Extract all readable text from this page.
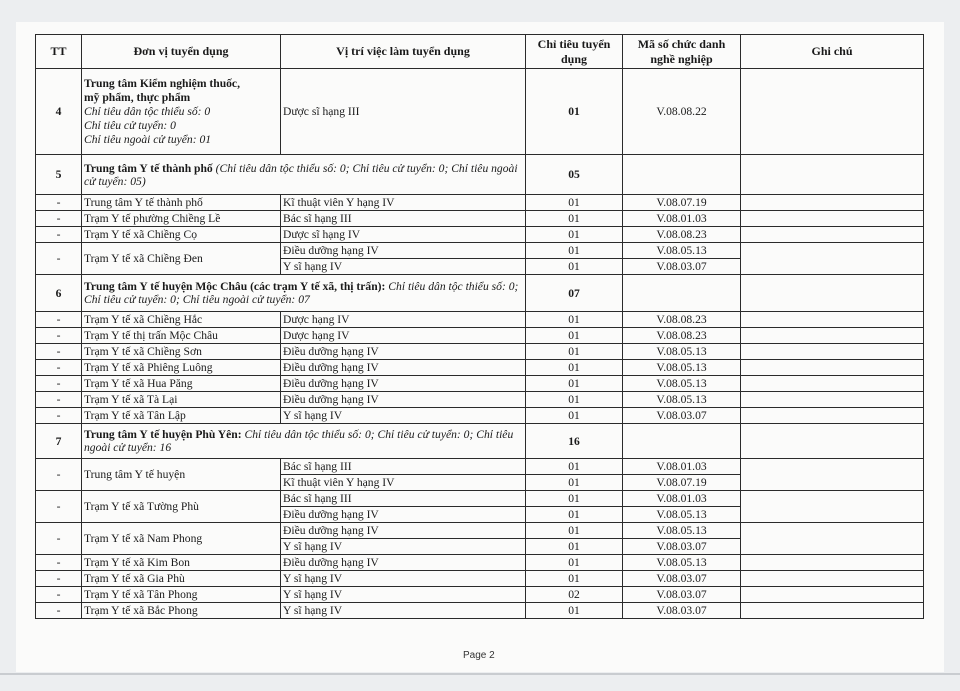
TT	Đơn vị tuyển dụng	Vị trí việc làm tuyển dụng	Chỉ tiêu tuyển dụng	Mã số chức danh nghề nghiệp	Ghi chú
4	Trung tâm Kiểm nghiệm thuốc,
mỹ phẩm, thực phẩm
Chỉ tiêu dân tộc thiểu số: 0
Chỉ tiêu cử tuyển: 0
Chỉ tiêu ngoài cử tuyển: 01	Dược sĩ hạng III	01	V.08.08.22	
5	Trung tâm Y tế thành phố (Chỉ tiêu dân tộc thiểu số: 0; Chỉ tiêu cử tuyển: 0; Chỉ tiêu ngoài cử tuyển: 05)		05		
-	Trung tâm Y tế thành phố	Kĩ thuật viên Y hạng IV	01	V.08.07.19	
-	Trạm Y tế phường Chiềng Lề	Bác sĩ hạng III	01	V.08.01.03	
-	Trạm Y tế xã Chiềng Cọ	Dược sĩ hạng IV	01	V.08.08.23	
-	Trạm Y tế xã Chiềng Đen	Điều dưỡng hạng IV	01	V.08.05.13	
		Y sĩ hạng IV	01	V.08.03.07	
6	Trung tâm Y tế huyện Mộc Châu (các trạm Y tế xã, thị trấn): Chỉ tiêu dân tộc thiểu số: 0; Chỉ tiêu cử tuyển: 0; Chỉ tiêu ngoài cử tuyển: 07		07		
-	Trạm Y tế xã Chiềng Hắc	Dược hạng IV	01	V.08.08.23	
-	Trạm Y tế thị trấn Mộc Châu	Dược hạng IV	01	V.08.08.23	
-	Trạm Y tế xã Chiềng Sơn	Điều dưỡng hạng IV	01	V.08.05.13	
-	Trạm Y tế xã Phiêng Luông	Điều dưỡng hạng IV	01	V.08.05.13	
-	Trạm Y tế xã Hua Păng	Điều dưỡng hạng IV	01	V.08.05.13	
-	Trạm Y tế xã Tà Lại	Điều dưỡng hạng IV	01	V.08.05.13	
-	Trạm Y tế xã Tân Lập	Y sĩ hạng IV	01	V.08.03.07	
7	Trung tâm Y tế huyện Phù Yên: Chỉ tiêu dân tộc thiểu số: 0; Chỉ tiêu cử tuyển: 0; Chỉ tiêu ngoài cử tuyển: 16		16		
-	Trung tâm Y tế huyện	Bác sĩ hạng III	01	V.08.01.03	
		Kĩ thuật viên Y hạng IV	01	V.08.07.19	
-	Trạm Y tế xã Tường Phù	Bác sĩ hạng III	01	V.08.01.03	
		Điều dưỡng hạng IV	01	V.08.05.13	
-	Trạm Y tế xã Nam Phong	Điều dưỡng hạng IV	01	V.08.05.13	
		Y sĩ hạng IV	01	V.08.03.07	
-	Trạm Y tế xã Kim Bon	Điều dưỡng hạng IV	01	V.08.05.13	
-	Trạm Y tế xã Gia Phù	Y sĩ hạng IV	01	V.08.03.07	
-	Trạm Y tế xã Tân Phong	Y sĩ hạng IV	02	V.08.03.07	
-	Trạm Y tế xã Bắc Phong	Y sĩ hạng IV	01	V.08.03.07	
Page 2
